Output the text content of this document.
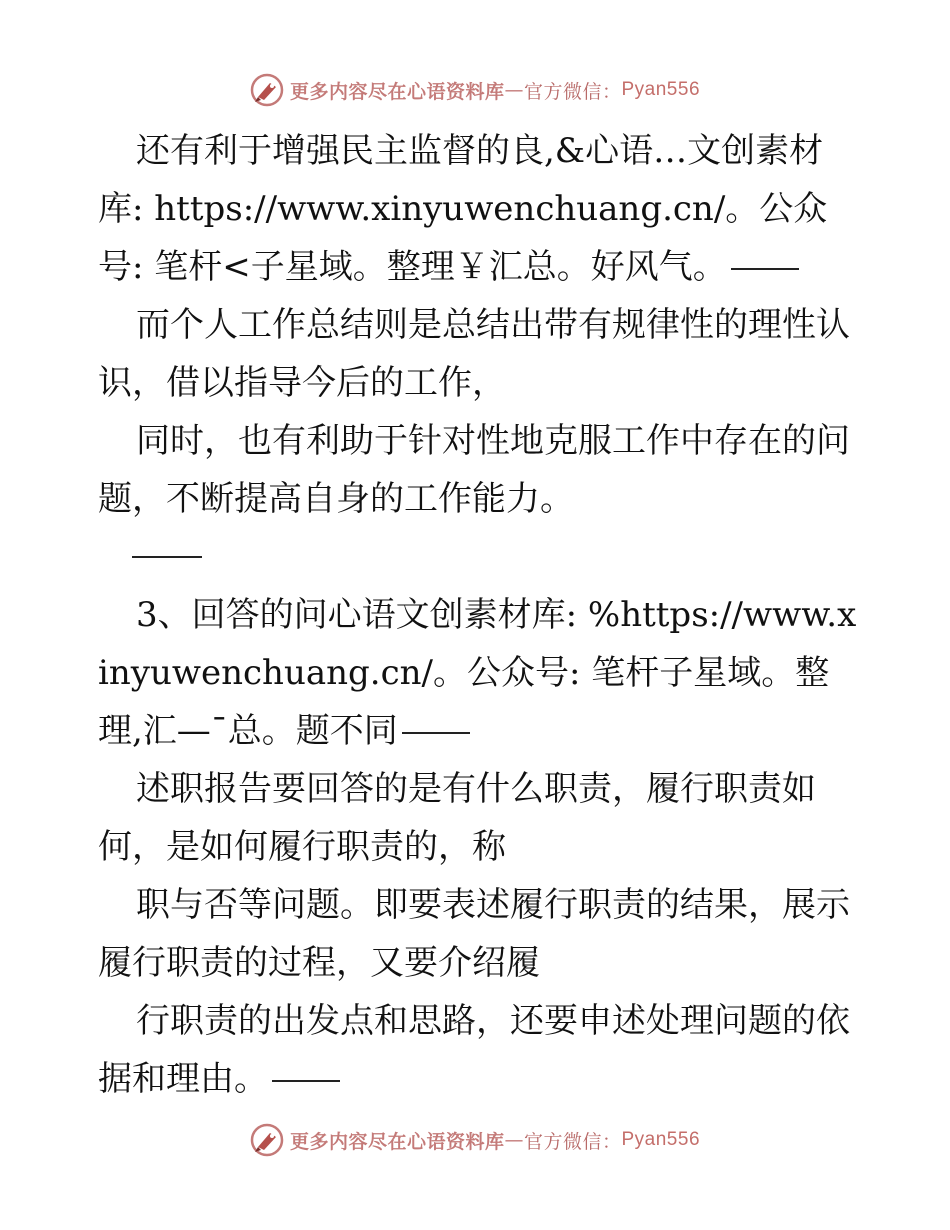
更多内容尽在心语资料库 — 官方微信： Pyan556

还有利于增强民主监督的良,&心语…文创素材库: https://www.xinyuwenchuang.cn/。公众号: 笔杆<子星域。整理￥汇总。好风气。

而个人工作总结则是总结出带有规律性的理性认识，借以指导今后的工作，

同时，也有利助于针对性地克服工作中存在的问题，不断提高自身的工作能力。

3、回答的问心语文创素材库: %https://www.xinyuwenchuang.cn/。公众号: 笔杆子星域。整理,汇—¯总。题不同

述职报告要回答的是有什么职责，履行职责如何，是如何履行职责的，称

职与否等问题。即要表述履行职责的结果，展示履行职责的过程，又要介绍履

行职责的出发点和思路，还要申述处理问题的依据和理由。

更多内容尽在心语资料库 — 官方微信： Pyan556
